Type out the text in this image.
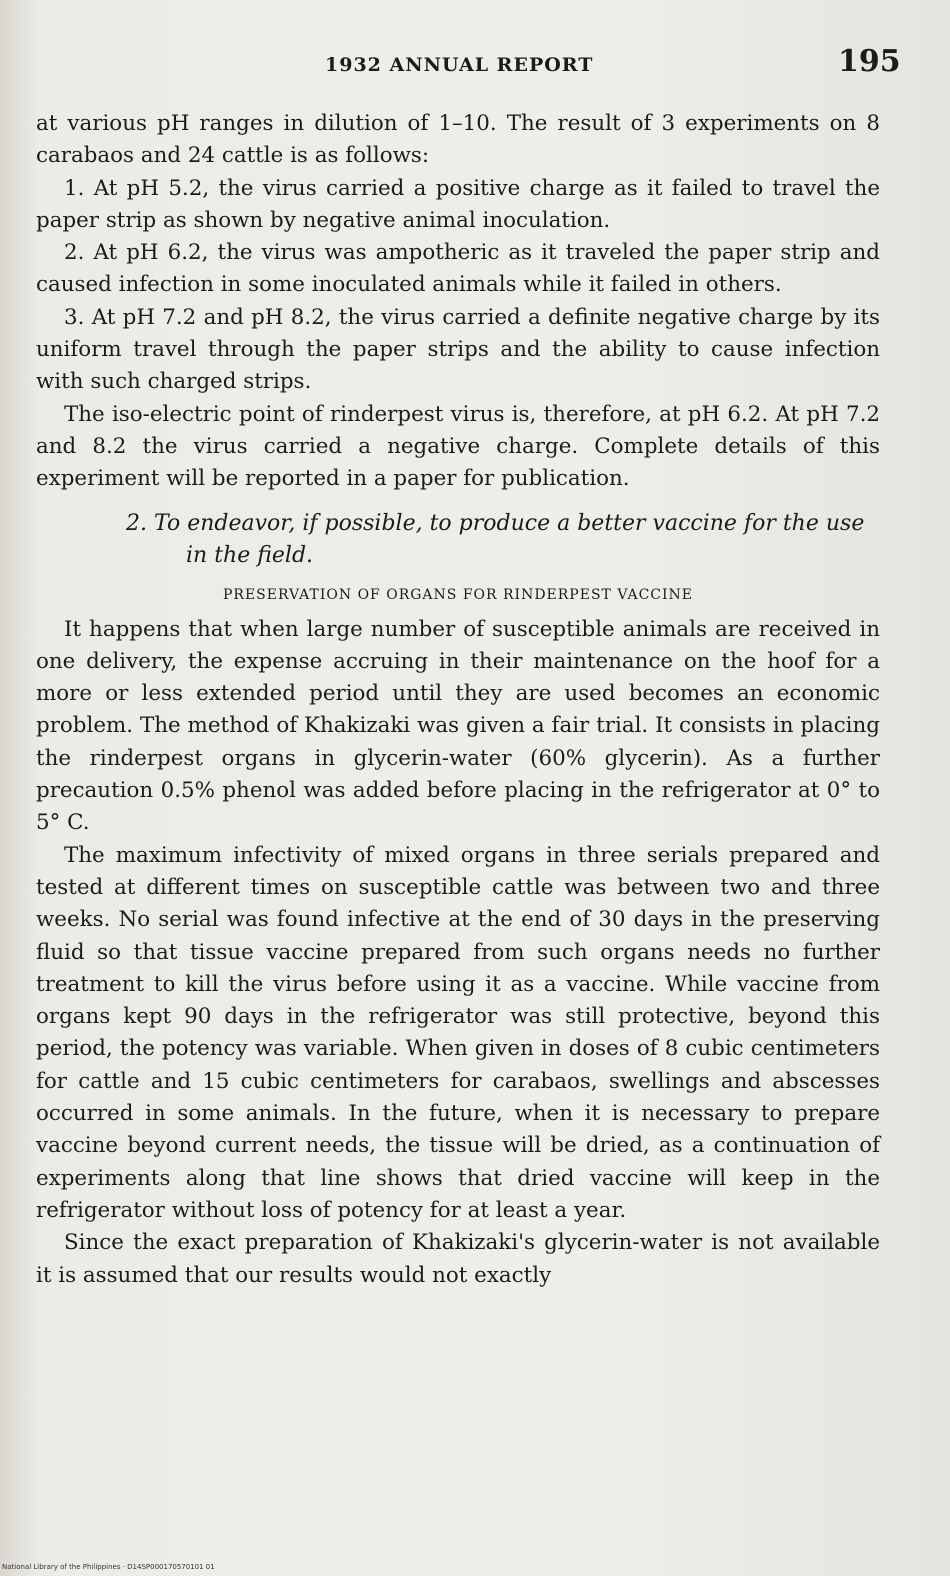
1932 ANNUAL REPORT	195

at various pH ranges in dilution of 1–10. The result of 3 experiments on 8 carabaos and 24 cattle is as follows:

1. At pH 5.2, the virus carried a positive charge as it failed to travel the paper strip as shown by negative animal inoculation.

2. At pH 6.2, the virus was ampotheric as it traveled the paper strip and caused infection in some inoculated animals while it failed in others.

3. At pH 7.2 and pH 8.2, the virus carried a definite negative charge by its uniform travel through the paper strips and the ability to cause infection with such charged strips.

The iso-electric point of rinderpest virus is, therefore, at pH 6.2. At pH 7.2 and 8.2 the virus carried a negative charge. Complete details of this experiment will be reported in a paper for publication.

2. To endeavor, if possible, to produce a better vaccine for the use in the field.

PRESERVATION OF ORGANS FOR RINDERPEST VACCINE

It happens that when large number of susceptible animals are received in one delivery, the expense accruing in their maintenance on the hoof for a more or less extended period until they are used becomes an economic problem. The method of Khakizaki was given a fair trial. It consists in placing the rinderpest organs in glycerin-water (60% glycerin). As a further precaution 0.5% phenol was added before placing in the refrigerator at 0° to 5° C.

The maximum infectivity of mixed organs in three serials prepared and tested at different times on susceptible cattle was between two and three weeks. No serial was found infective at the end of 30 days in the preserving fluid so that tissue vaccine prepared from such organs needs no further treatment to kill the virus before using it as a vaccine. While vaccine from organs kept 90 days in the refrigerator was still protective, beyond this period, the potency was variable. When given in doses of 8 cubic centimeters for cattle and 15 cubic centimeters for carabaos, swellings and abscesses occurred in some animals. In the future, when it is necessary to prepare vaccine beyond current needs, the tissue will be dried, as a continuation of experiments along that line shows that dried vaccine will keep in the refrigerator without loss of potency for at least a year.

Since the exact preparation of Khakizaki's glycerin-water is not available it is assumed that our results would not exactly

National Library of the Philippines · D14SP000170570101 01
